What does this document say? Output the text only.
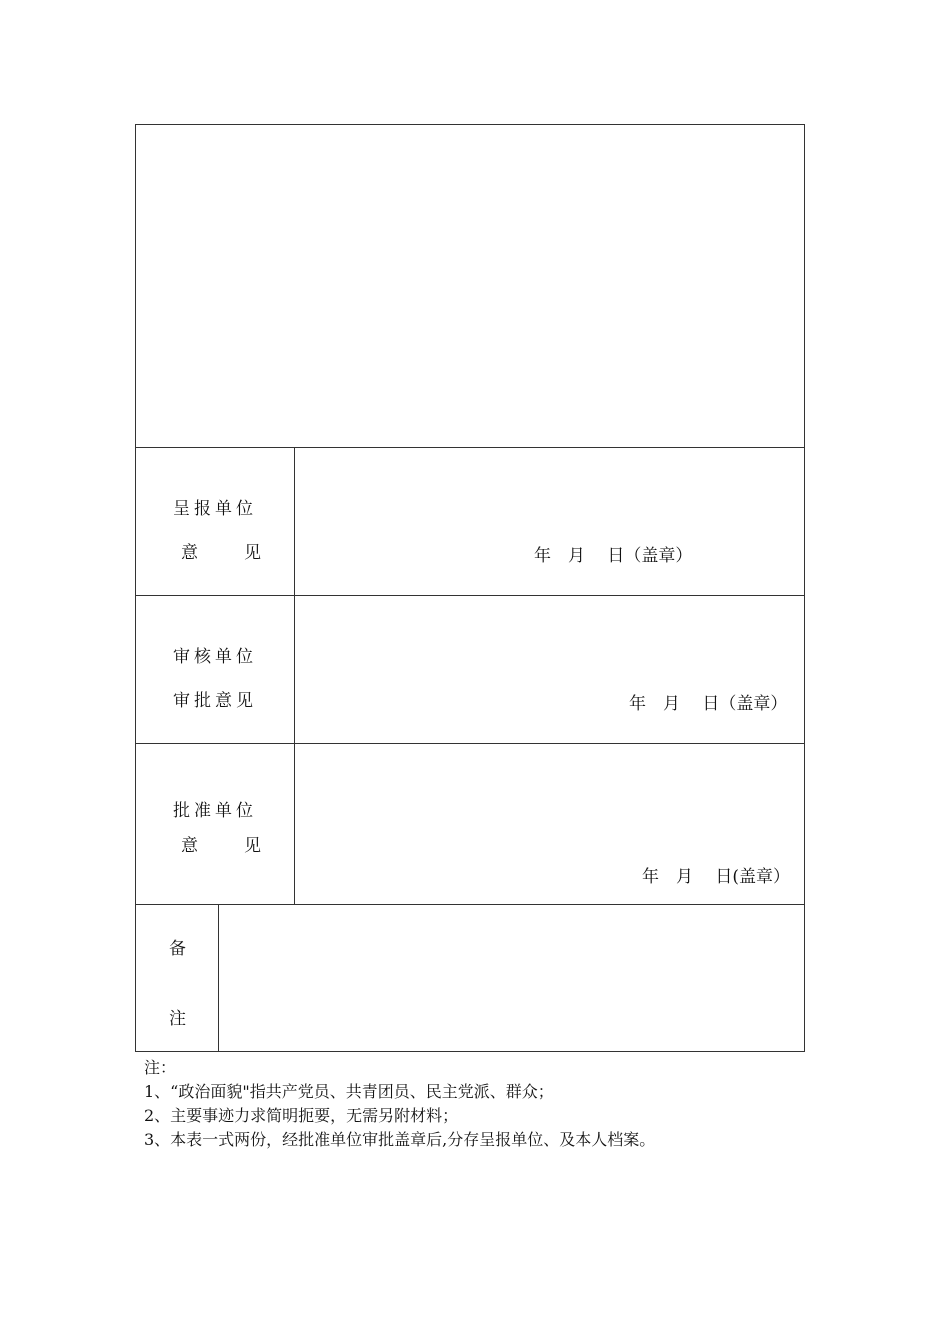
呈报单位
意　　见	年　月　 日（盖章）
审核单位
审批意见	年　月　 日（盖章）
批准单位
意　　见
年　月　 日(盖章）
备
注
注：
1、“政治面貌"指共产党员、共青团员、民主党派、群众；
2、主要事迹力求简明扼要，无需另附材料；
3、本表一式两份，经批准单位审批盖章后,分存呈报单位、及本人档案。
